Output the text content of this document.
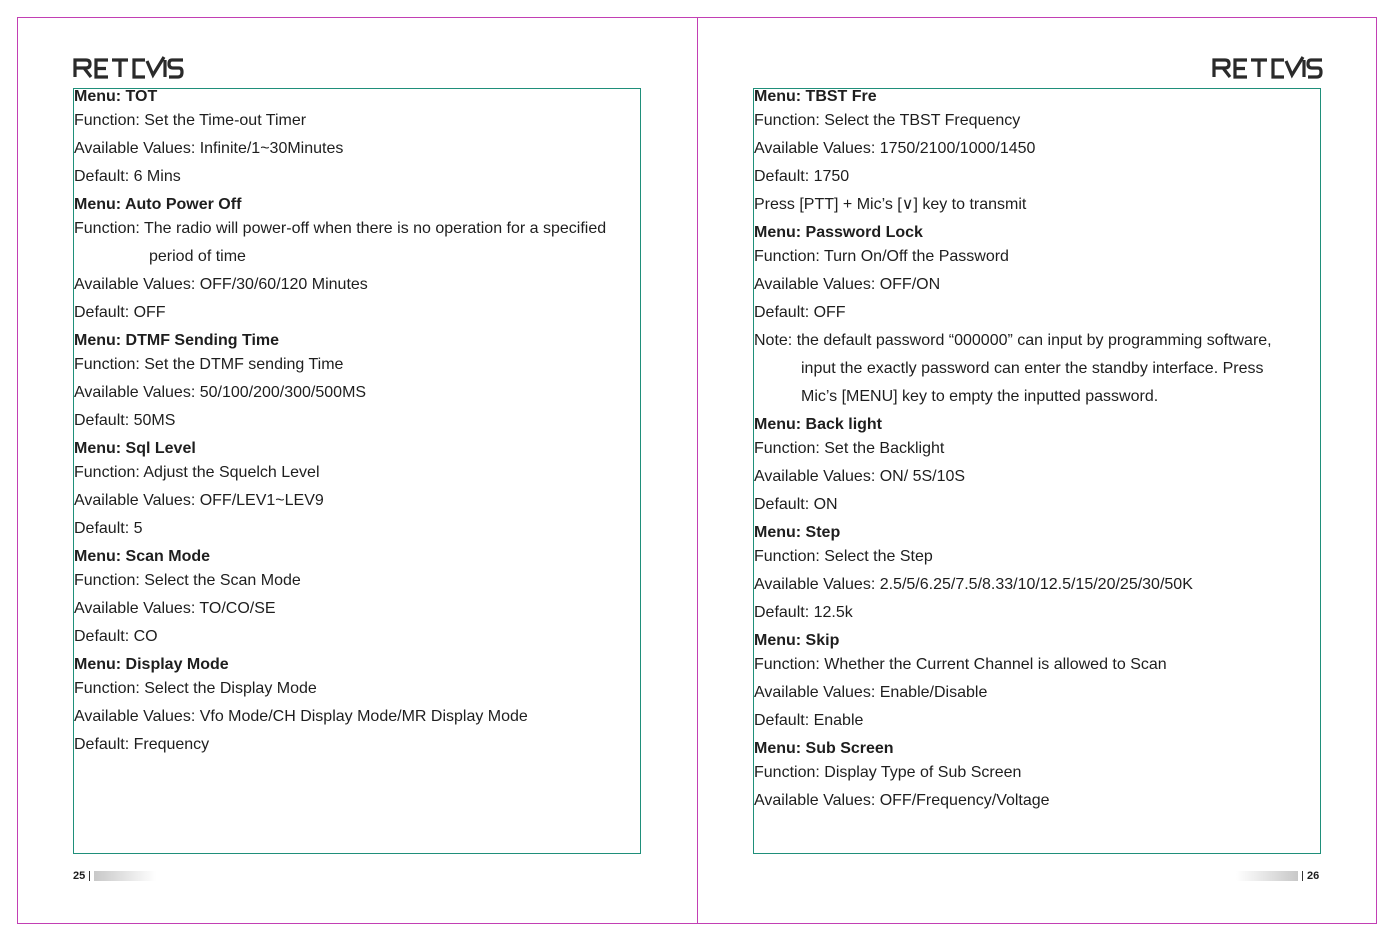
Menu: TOT
Function: Set the Time-out Timer
Available Values: Infinite/1~30Minutes
Default: 6 Mins
Menu: Auto Power Off
Function: The radio will power-off when there is no operation for a specified
period of time
Available Values: OFF/30/60/120 Minutes
Default: OFF
Menu: DTMF Sending Time
Function: Set the DTMF sending Time
Available Values: 50/100/200/300/500MS
Default: 50MS
Menu: Sql Level
Function: Adjust the Squelch Level
Available Values: OFF/LEV1~LEV9
Default: 5
Menu: Scan Mode
Function: Select the Scan Mode
Available Values: TO/CO/SE
Default: CO
Menu: Display Mode
Function: Select the Display Mode
Available Values: Vfo Mode/CH Display Mode/MR Display Mode
Default: Frequency
Menu: TBST Fre
Function: Select the TBST Frequency
Available Values: 1750/2100/1000/1450
Default: 1750
Press [PTT] + Mic’s [∨] key to transmit
Menu: Password Lock
Function: Turn On/Off the Password
Available Values: OFF/ON
Default: OFF
Note: the default password “000000” can input by programming software,
input the exactly password can enter the standby interface. Press
Mic’s [MENU] key to empty the inputted password.
Menu: Back light
Function: Set the Backlight
Available Values: ON/ 5S/10S
Default: ON
Menu: Step
Function: Select the Step
Available Values: 2.5/5/6.25/7.5/8.33/10/12.5/15/20/25/30/50K
Default: 12.5k
Menu: Skip
Function: Whether the Current Channel is allowed to Scan
Available Values: Enable/Disable
Default: Enable
Menu: Sub Screen
Function: Display Type of Sub Screen
Available Values: OFF/Frequency/Voltage
25	26
